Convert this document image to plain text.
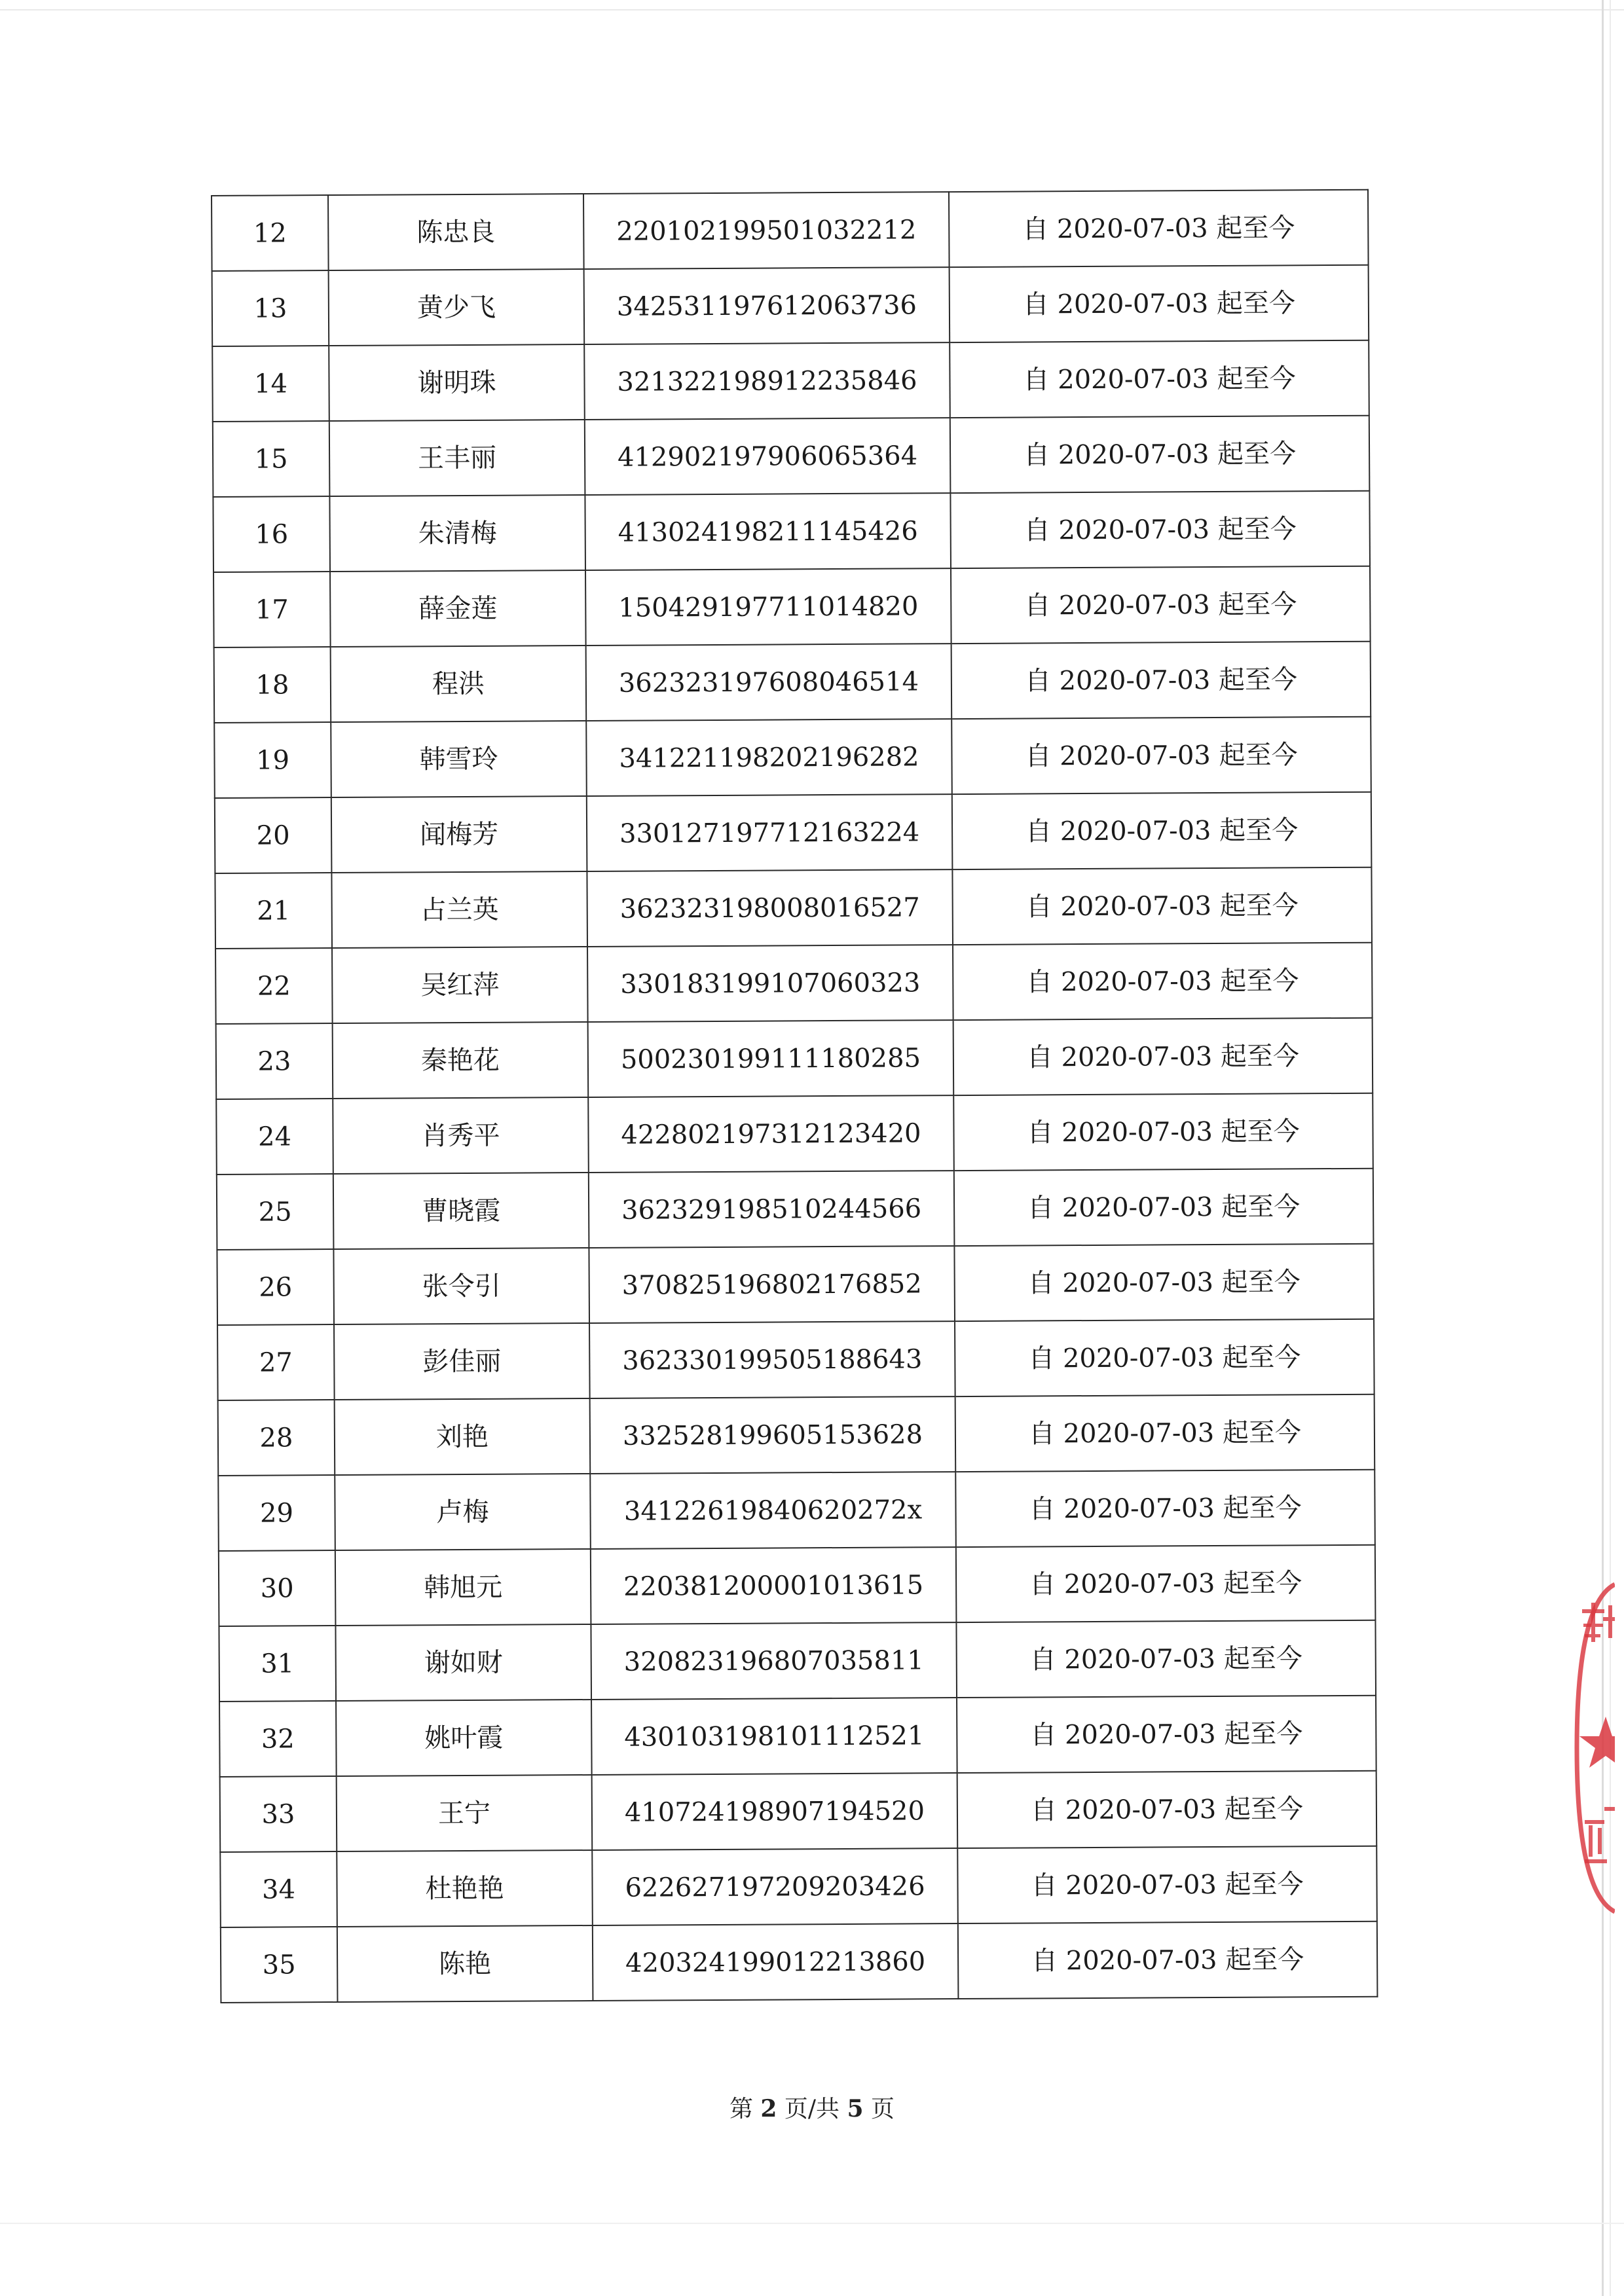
12	陈忠良	220102199501032212	自 2020-07-03 起至今
13	黄少飞	342531197612063736	自 2020-07-03 起至今
14	谢明珠	321322198912235846	自 2020-07-03 起至今
15	王丰丽	412902197906065364	自 2020-07-03 起至今
16	朱清梅	413024198211145426	自 2020-07-03 起至今
17	薛金莲	150429197711014820	自 2020-07-03 起至今
18	程洪	362323197608046514	自 2020-07-03 起至今
19	韩雪玲	341221198202196282	自 2020-07-03 起至今
20	闻梅芳	330127197712163224	自 2020-07-03 起至今
21	占兰英	362323198008016527	自 2020-07-03 起至今
22	吴红萍	330183199107060323	自 2020-07-03 起至今
23	秦艳花	500230199111180285	自 2020-07-03 起至今
24	肖秀平	422802197312123420	自 2020-07-03 起至今
25	曹晓霞	362329198510244566	自 2020-07-03 起至今
26	张令引	370825196802176852	自 2020-07-03 起至今
27	彭佳丽	362330199505188643	自 2020-07-03 起至今
28	刘艳	332528199605153628	自 2020-07-03 起至今
29	卢梅	34122619840620272x	自 2020-07-03 起至今
30	韩旭元	220381200001013615	自 2020-07-03 起至今
31	谢如财	320823196807035811	自 2020-07-03 起至今
32	姚叶霞	430103198101112521	自 2020-07-03 起至今
33	王宁	410724198907194520	自 2020-07-03 起至今
34	杜艳艳	622627197209203426	自 2020-07-03 起至今
35	陈艳	420324199012213860	自 2020-07-03 起至今
第 2 页/共 5 页
